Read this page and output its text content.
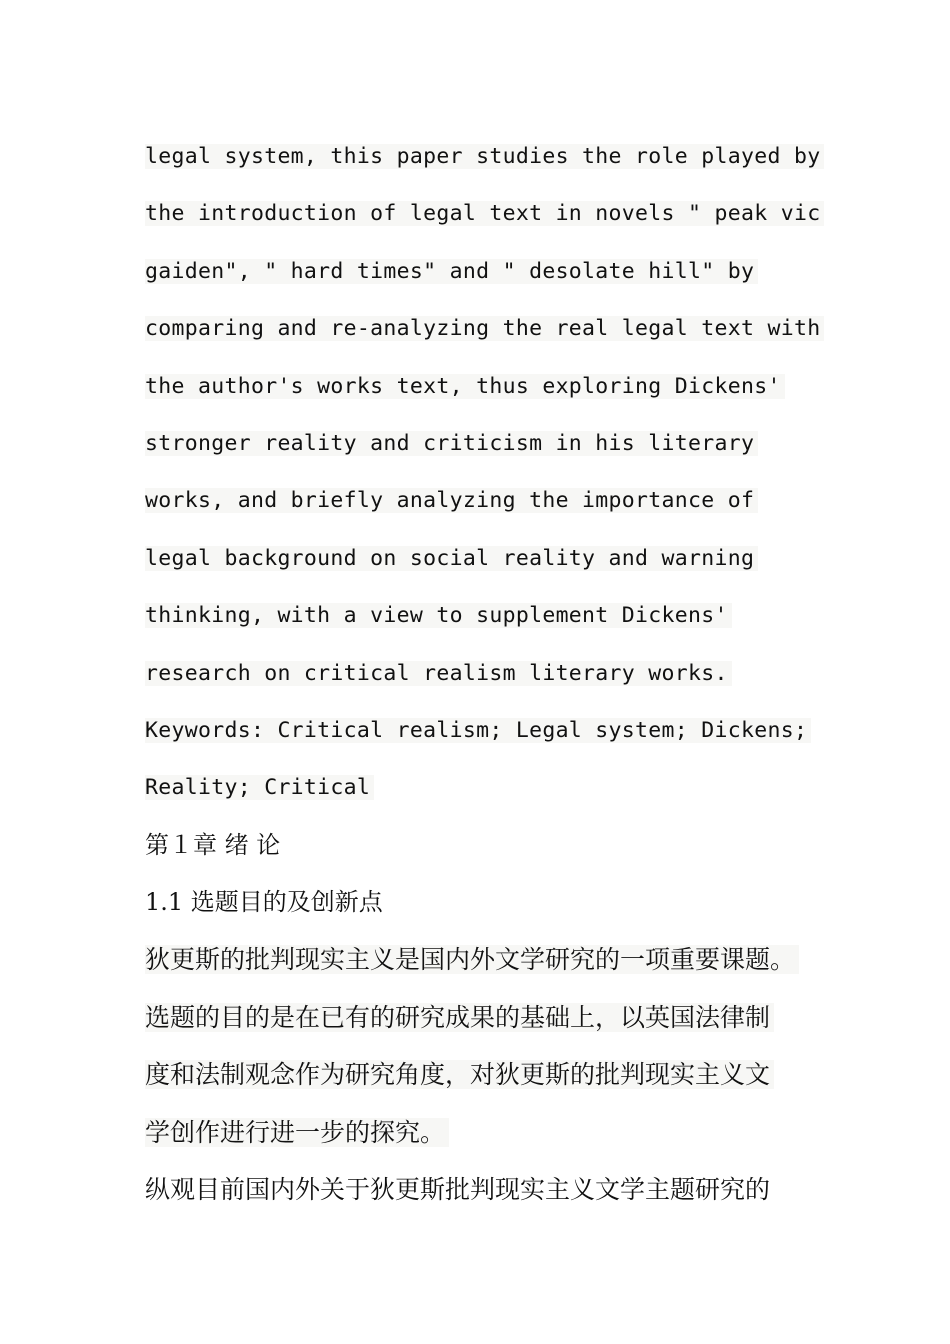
legal system, this paper studies the role played by
the introduction of legal text in novels " peak vic
gaiden", " hard times" and " desolate hill" by
comparing and re-analyzing the real legal text with
the author's works text, thus exploring Dickens'
stronger reality and criticism in his literary
works, and briefly analyzing the importance of
legal background on social reality and warning
thinking, with a view to supplement Dickens'
research on critical realism literary works.
Keywords: Critical realism; Legal system; Dickens;
Reality; Critical
第１章 绪 论
1.1 选题目的及创新点
狄更斯的批判现实主义是国内外文学研究的一项重要课题。
选题的目的是在已有的研究成果的基础上，以英国法律制
度和法制观念作为研究角度，对狄更斯的批判现实主义文
学创作进行进一步的探究。
纵观目前国内外关于狄更斯批判现实主义文学主题研究的
